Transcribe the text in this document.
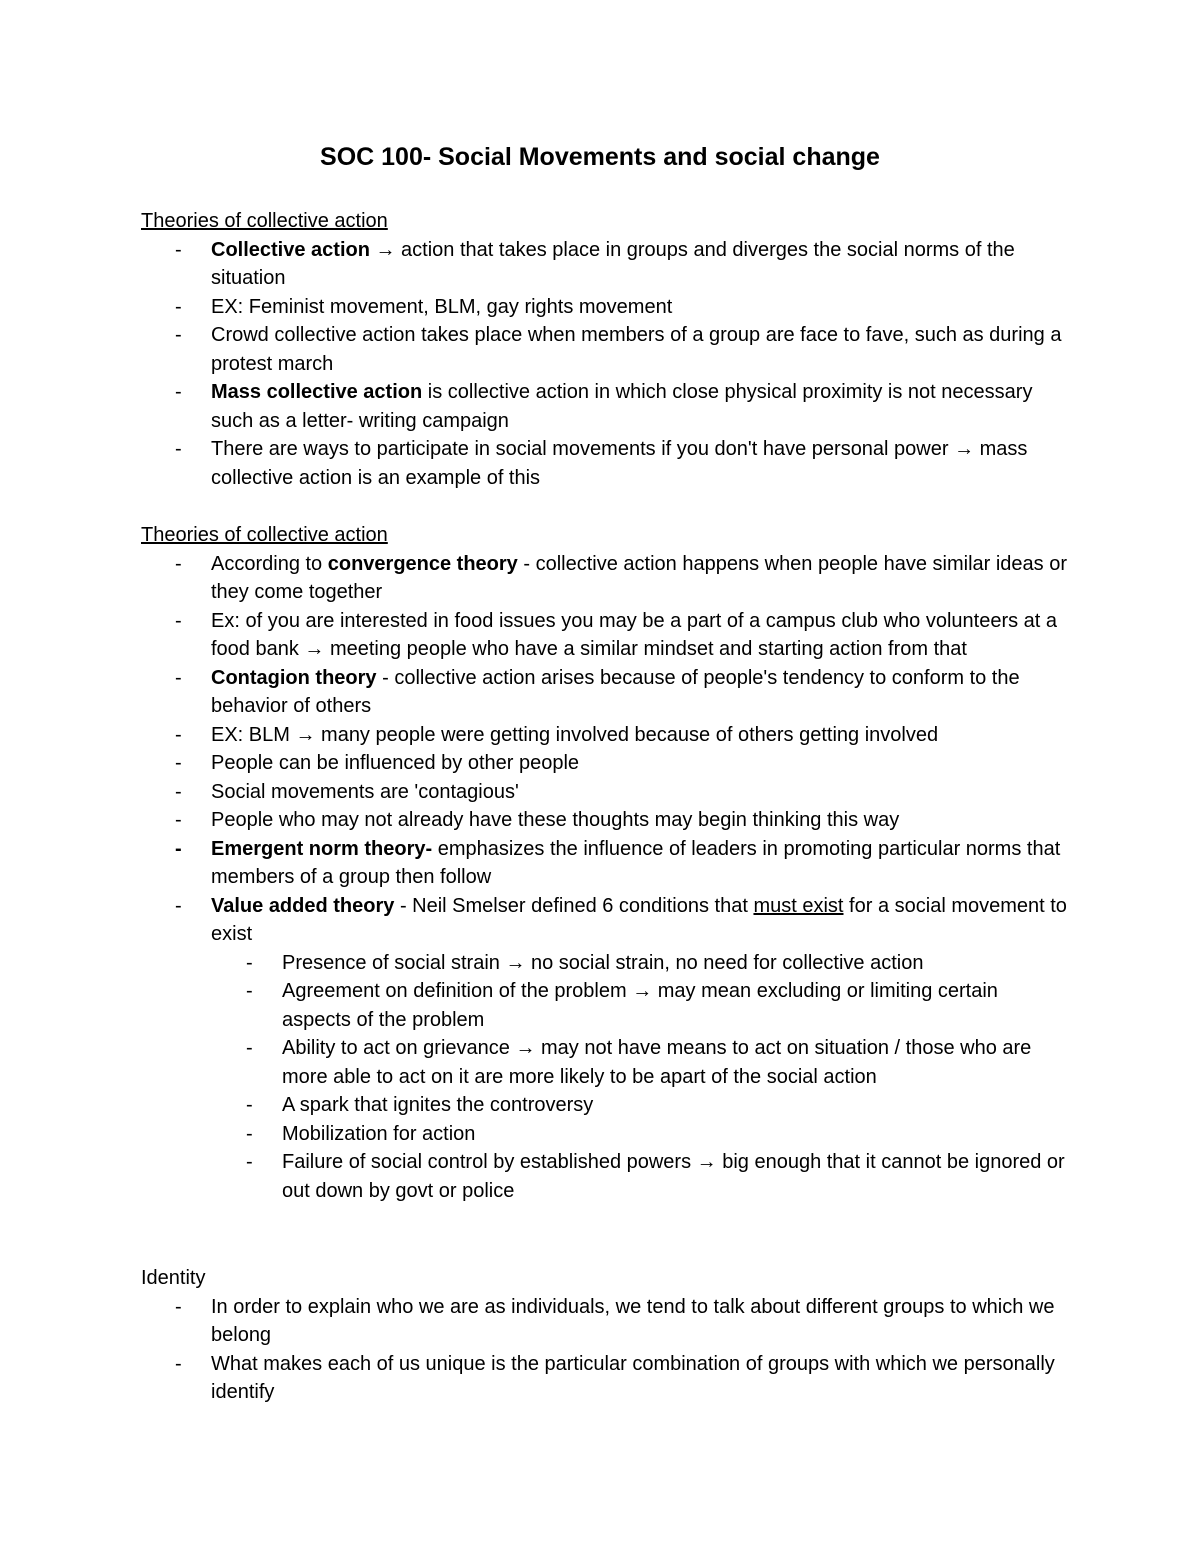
SOC 100- Social Movements and social change
Theories of collective action
- Collective action → action that takes place in groups and diverges the social norms of the situation
- EX: Feminist movement, BLM, gay rights movement
- Crowd collective action takes place when members of a group are face to fave, such as during a protest march
- Mass collective action is collective action in which close physical proximity is not necessary such as a letter- writing campaign
- There are ways to participate in social movements if you don't have personal power → mass collective action is an example of this
Theories of collective action
- According to convergence theory - collective action happens when people have similar ideas or they come together
- Ex: of you are interested in food issues you may be a part of a campus club who volunteers at a food bank → meeting people who have a similar mindset and starting action from that
- Contagion theory - collective action arises because of people's tendency to conform to the behavior of others
- EX: BLM → many people were getting involved because of others getting involved
- People can be influenced by other people
- Social movements are 'contagious'
- People who may not already have these thoughts may begin thinking this way
- Emergent norm theory- emphasizes the influence of leaders in promoting particular norms that members of a group then follow
- Value added theory - Neil Smelser defined 6 conditions that must exist for a social movement to exist
- Presence of social strain → no social strain, no need for collective action
- Agreement on definition of the problem → may mean excluding or limiting certain aspects of the problem
- Ability to act on grievance → may not have means to act on situation / those who are more able to act on it are more likely to be apart of the social action
- A spark that ignites the controversy
- Mobilization for action
- Failure of social control by established powers → big enough that it cannot be ignored or out down by govt or police
Identity
- In order to explain who we are as individuals, we tend to talk about different groups to which we belong
- What makes each of us unique is the particular combination of groups with which we personally identify
